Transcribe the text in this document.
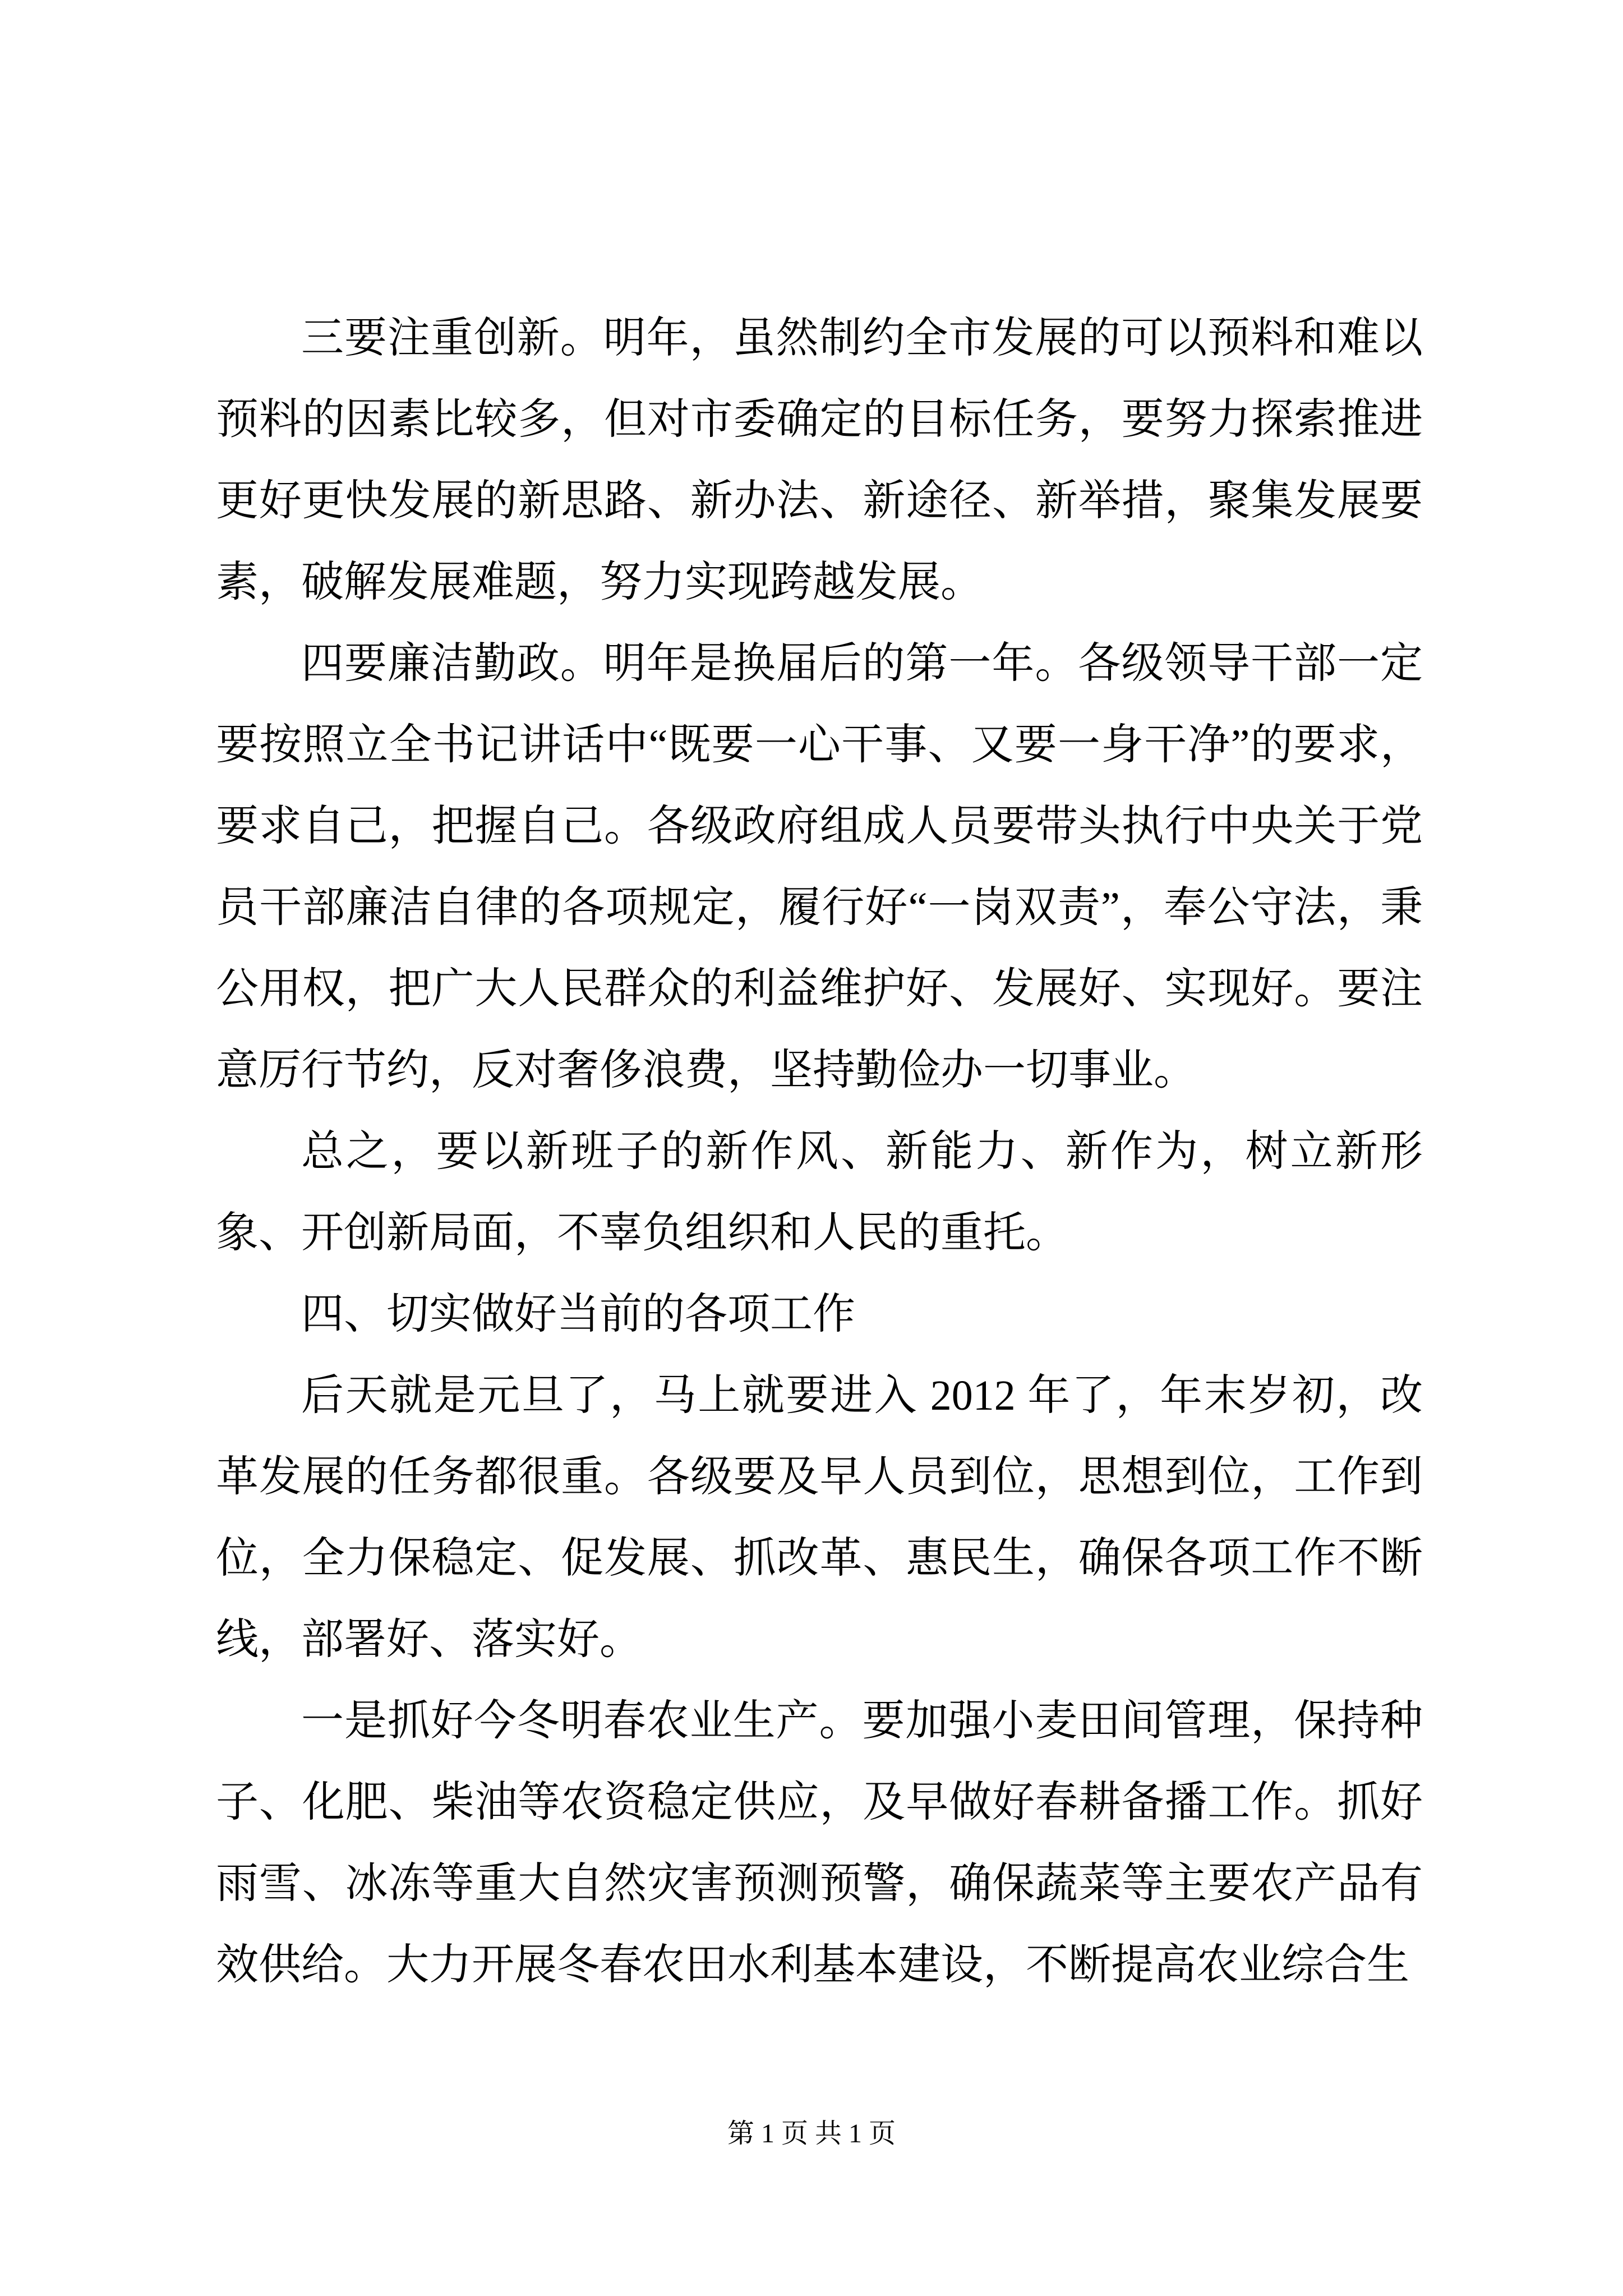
三要注重创新。明年，虽然制约全市发展的可以预料和难以预料的因素比较多，但对市委确定的目标任务，要努力探索推进更好更快发展的新思路、新办法、新途径、新举措，聚集发展要素，破解发展难题，努力实现跨越发展。

四要廉洁勤政。明年是换届后的第一年。各级领导干部一定要按照立全书记讲话中“既要一心干事、又要一身干净”的要求，要求自己，把握自己。各级政府组成人员要带头执行中央关于党员干部廉洁自律的各项规定，履行好“一岗双责”，奉公守法，秉公用权，把广大人民群众的利益维护好、发展好、实现好。要注意厉行节约，反对奢侈浪费，坚持勤俭办一切事业。

总之，要以新班子的新作风、新能力、新作为，树立新形象、开创新局面，不辜负组织和人民的重托。

四、切实做好当前的各项工作

后天就是元旦了，马上就要进入 2012 年了，年末岁初，改革发展的任务都很重。各级要及早人员到位，思想到位，工作到位，全力保稳定、促发展、抓改革、惠民生，确保各项工作不断线，部署好、落实好。

一是抓好今冬明春农业生产。要加强小麦田间管理，保持种子、化肥、柴油等农资稳定供应，及早做好春耕备播工作。抓好雨雪、冰冻等重大自然灾害预测预警，确保蔬菜等主要农产品有效供给。大力开展冬春农田水利基本建设，不断提高农业综合生

第 1 页 共 1 页
